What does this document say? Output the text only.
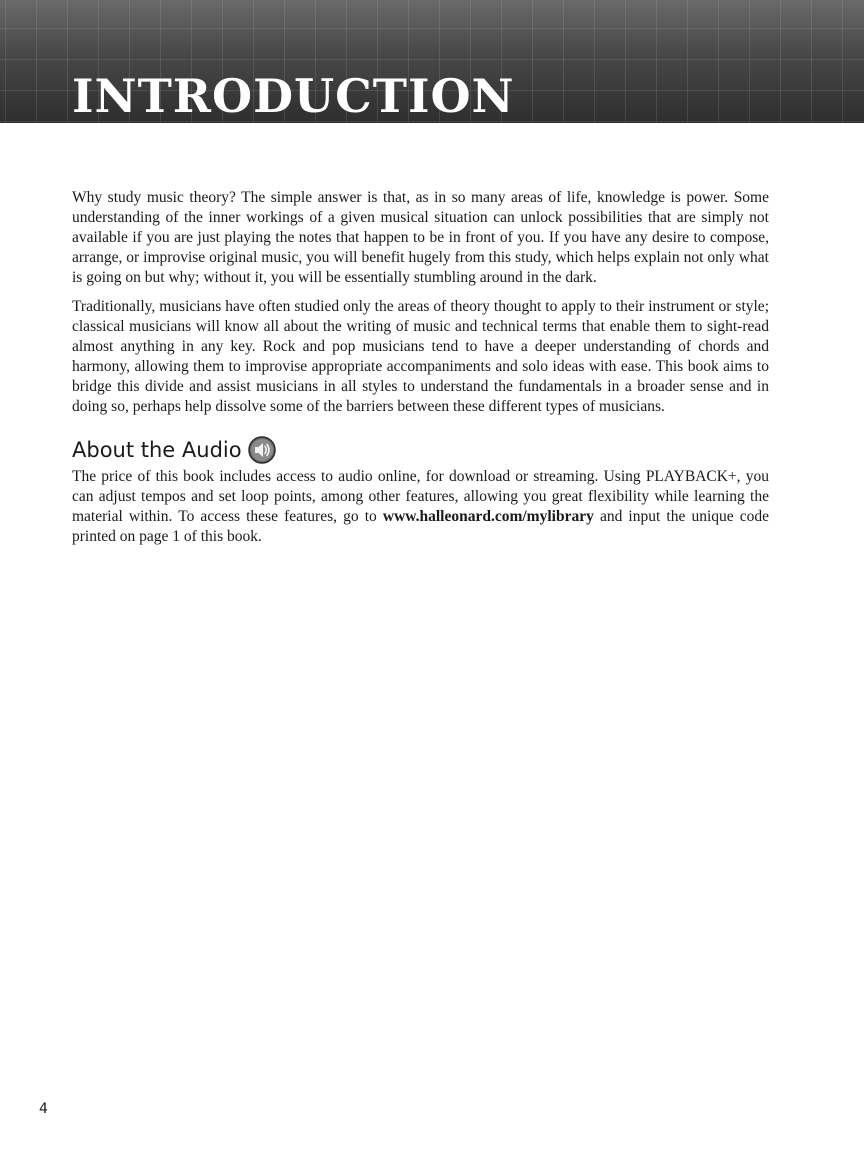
INTRODUCTION

Why study music theory? The simple answer is that, as in so many areas of life, knowledge is power. Some understanding of the inner workings of a given musical situation can unlock possibilities that are simply not available if you are just playing the notes that happen to be in front of you. If you have any desire to compose, arrange, or improvise original music, you will benefit hugely from this study, which helps explain not only what is going on but why; without it, you will be essentially stumbling around in the dark.

Traditionally, musicians have often studied only the areas of theory thought to apply to their instrument or style; classical musicians will know all about the writing of music and technical terms that enable them to sight-read almost anything in any key. Rock and pop musicians tend to have a deeper understanding of chords and harmony, allowing them to improvise appropriate accompaniments and solo ideas with ease. This book aims to bridge this divide and assist musicians in all styles to understand the fundamentals in a broader sense and in doing so, perhaps help dissolve some of the barriers between these different types of musicians.

About the Audio

The price of this book includes access to audio online, for download or streaming. Using PLAYBACK+, you can adjust tempos and set loop points, among other features, allowing you great flexibility while learning the material within. To access these features, go to www.halleonard.com/mylibrary and input the unique code printed on page 1 of this book.

4
